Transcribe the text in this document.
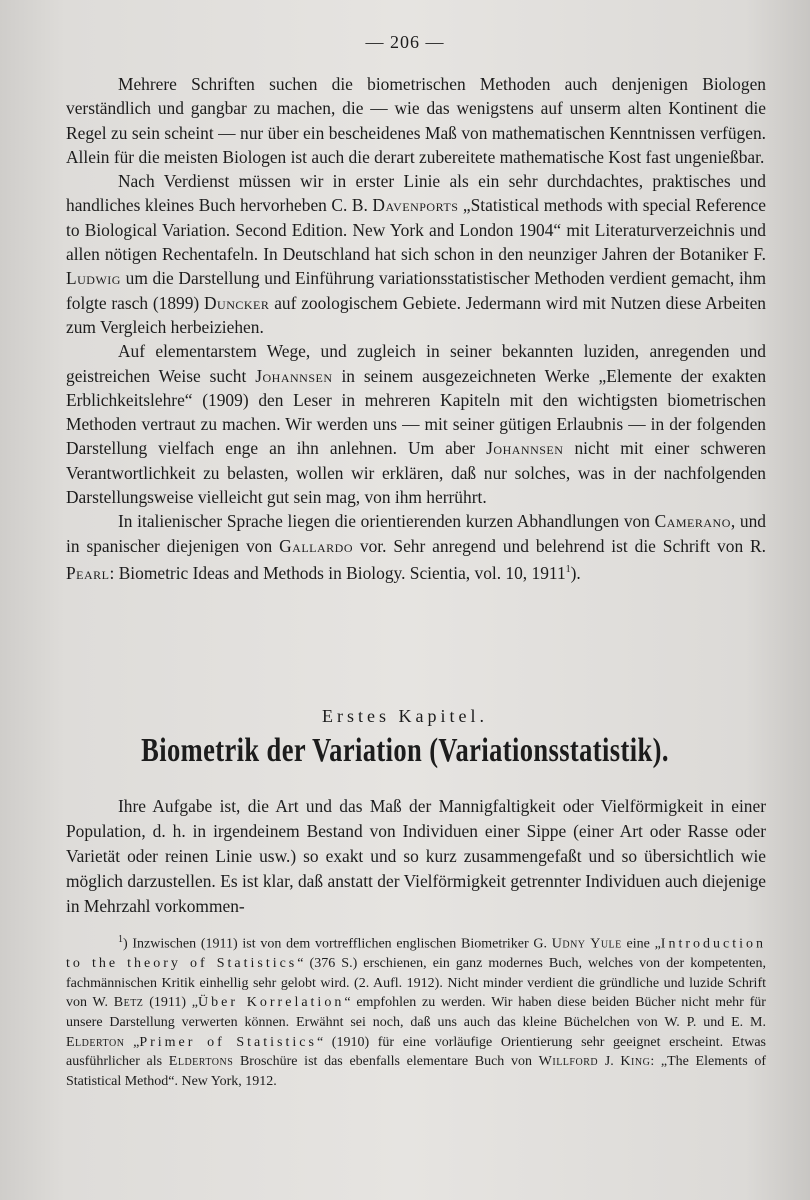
— 206 —

Mehrere Schriften suchen die biometrischen Methoden auch denjenigen Biologen verständlich und gangbar zu machen, die — wie das wenigstens auf unserm alten Kontinent die Regel zu sein scheint — nur über ein bescheidenes Maß von mathematischen Kenntnissen verfügen. Allein für die meisten Biologen ist auch die derart zubereitete mathematische Kost fast ungenießbar.

Nach Verdienst müssen wir in erster Linie als ein sehr durchdachtes, praktisches und handliches kleines Buch hervorheben C. B. Davenports „Statistical methods with special Reference to Biological Variation. Second Edition. New York and London 1904“ mit Literaturverzeichnis und allen nötigen Rechentafeln. In Deutschland hat sich schon in den neunziger Jahren der Botaniker F. Ludwig um die Darstellung und Einführung variationsstatistischer Methoden verdient gemacht, ihm folgte rasch (1899) Duncker auf zoologischem Gebiete. Jedermann wird mit Nutzen diese Arbeiten zum Vergleich herbeiziehen.

Auf elementarstem Wege, und zugleich in seiner bekannten luziden, anregenden und geistreichen Weise sucht Johannsen in seinem ausgezeichneten Werke „Elemente der exakten Erblichkeitslehre“ (1909) den Leser in mehreren Kapiteln mit den wichtigsten biometrischen Methoden vertraut zu machen. Wir werden uns — mit seiner gütigen Erlaubnis — in der folgenden Darstellung vielfach enge an ihn anlehnen. Um aber Johannsen nicht mit einer schweren Verantwortlichkeit zu belasten, wollen wir erklären, daß nur solches, was in der nachfolgenden Darstellungsweise vielleicht gut sein mag, von ihm herrührt.

In italienischer Sprache liegen die orientierenden kurzen Abhandlungen von Camerano, und in spanischer diejenigen von Gallardo vor. Sehr anregend und belehrend ist die Schrift von R. Pearl: Biometric Ideas and Methods in Biology. Scientia, vol. 10, 1911$^1$).

Erstes Kapitel.
Biometrik der Variation (Variationsstatistik).

Ihre Aufgabe ist, die Art und das Maß der Mannigfaltigkeit oder Vielförmigkeit in einer Population, d. h. in irgendeinem Bestand von Individuen einer Sippe (einer Art oder Rasse oder Varietät oder reinen Linie usw.) so exakt und so kurz zusammengefaßt und so übersichtlich wie möglich darzustellen. Es ist klar, daß anstatt der Vielförmigkeit getrennter Individuen auch diejenige in Mehrzahl vorkommen-

$^1$) Inzwischen (1911) ist von dem vortrefflichen englischen Biometriker G. Udny Yule eine „Introduction to the theory of Statistics“ (376 S.) erschienen, ein ganz modernes Buch, welches von der kompetenten, fachmännischen Kritik einhellig sehr gelobt wird. (2. Aufl. 1912). Nicht minder verdient die gründliche und luzide Schrift von W. Betz (1911) „Über Korrelation“ empfohlen zu werden. Wir haben diese beiden Bücher nicht mehr für unsere Darstellung verwerten können. Erwähnt sei noch, daß uns auch das kleine Büchelchen von W. P. und E. M. Elderton „Primer of Statistics“ (1910) für eine vorläufige Orientierung sehr geeignet erscheint. Etwas ausführlicher als Eldertons Broschüre ist das ebenfalls elementare Buch von Willford J. King: „The Elements of Statistical Method“. New York, 1912.
